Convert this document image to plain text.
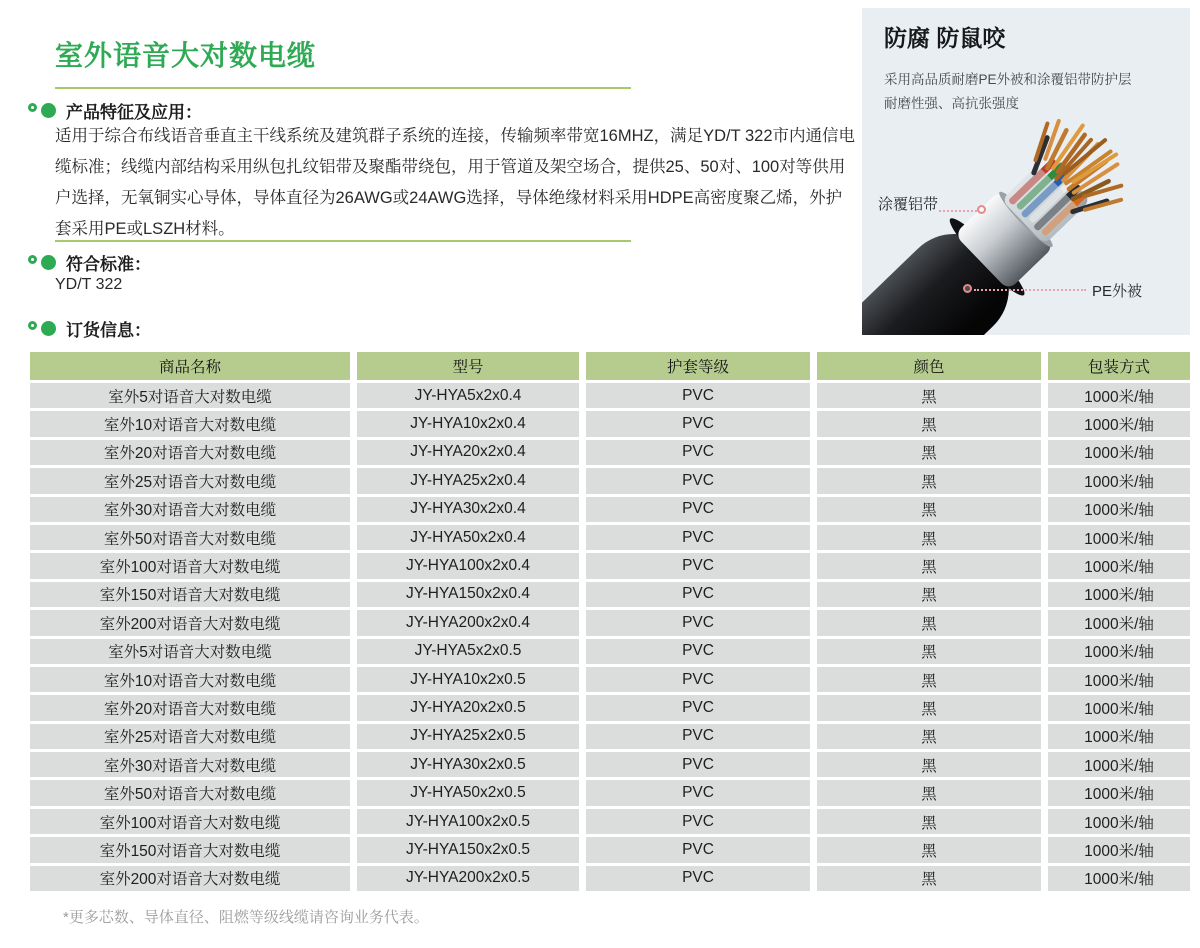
室外语音大对数电缆
产品特征及应用：

适用于综合布线语音垂直主干线系统及建筑群子系统的连接，传输频率带宽16MHZ，满足YD/T 322市内通信电缆标准；线缆内部结构采用纵包扎纹铝带及聚酯带绕包，用于管道及架空场合，提供25、50对、100对等供用户选择，无氧铜实心导体，导体直径为26AWG或24AWG选择，导体绝缘材料采用HDPE高密度聚乙烯，外护套采用PE或LSZH材料。

符合标准：

YD/T 322

订货信息：
商品名称	型号	护套等级	颜色	包装方式
室外5对语音大对数电缆	JY-HYA5x2x0.4	PVC	黑	1000米/轴
室外10对语音大对数电缆	JY-HYA10x2x0.4	PVC	黑	1000米/轴
室外20对语音大对数电缆	JY-HYA20x2x0.4	PVC	黑	1000米/轴
室外25对语音大对数电缆	JY-HYA25x2x0.4	PVC	黑	1000米/轴
室外30对语音大对数电缆	JY-HYA30x2x0.4	PVC	黑	1000米/轴
室外50对语音大对数电缆	JY-HYA50x2x0.4	PVC	黑	1000米/轴
室外100对语音大对数电缆	JY-HYA100x2x0.4	PVC	黑	1000米/轴
室外150对语音大对数电缆	JY-HYA150x2x0.4	PVC	黑	1000米/轴
室外200对语音大对数电缆	JY-HYA200x2x0.4	PVC	黑	1000米/轴
室外5对语音大对数电缆	JY-HYA5x2x0.5	PVC	黑	1000米/轴
室外10对语音大对数电缆	JY-HYA10x2x0.5	PVC	黑	1000米/轴
室外20对语音大对数电缆	JY-HYA20x2x0.5	PVC	黑	1000米/轴
室外25对语音大对数电缆	JY-HYA25x2x0.5	PVC	黑	1000米/轴
室外30对语音大对数电缆	JY-HYA30x2x0.5	PVC	黑	1000米/轴
室外50对语音大对数电缆	JY-HYA50x2x0.5	PVC	黑	1000米/轴
室外100对语音大对数电缆	JY-HYA100x2x0.5	PVC	黑	1000米/轴
室外150对语音大对数电缆	JY-HYA150x2x0.5	PVC	黑	1000米/轴
室外200对语音大对数电缆	JY-HYA200x2x0.5	PVC	黑	1000米/轴

*更多芯数、导体直径、阻燃等级线缆请咨询业务代表。

防腐 防鼠咬
采用高品质耐磨PE外被和涂覆铝带防护层
耐磨性强、高抗张强度
涂覆铝带
PE外被
